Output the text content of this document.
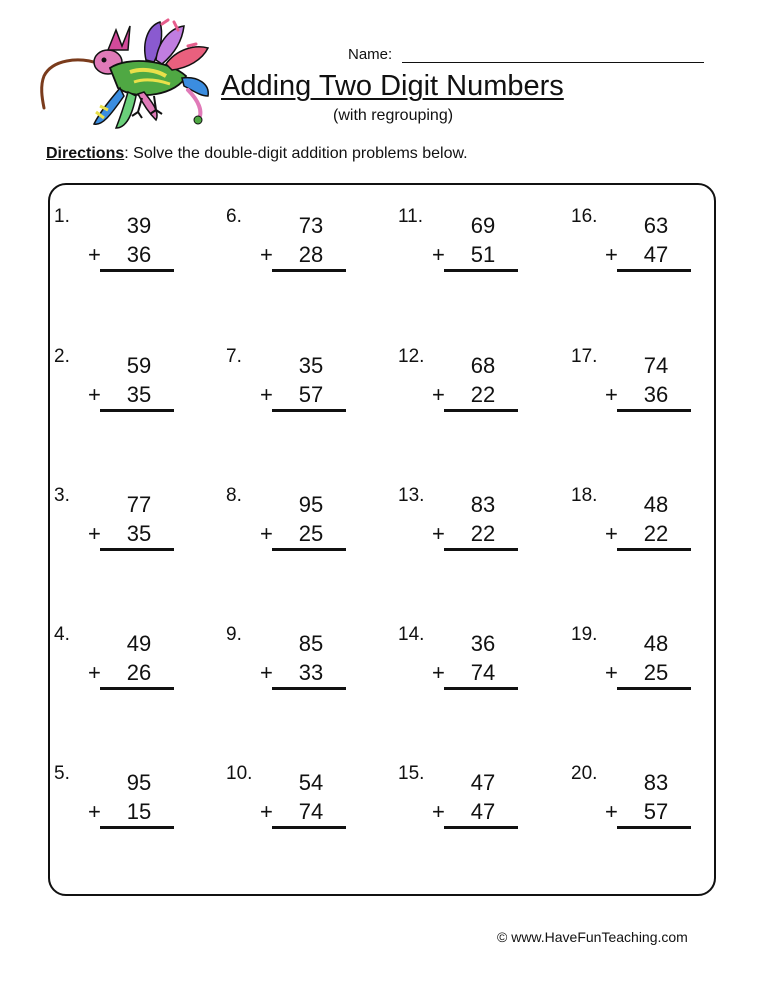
Name:
Adding Two Digit Numbers
(with regrouping)
Directions: Solve the double-digit addition problems below.
1.	39
+	36
2.	59
+	35
3.	77
+	35
4.	49
+	26
5.	95
+	15
6.	73
+	28
7.	35
+	57
8.	95
+	25
9.	85
+	33
10.	54
+	74
11.	69
+	51
12.	68
+	22
13.	83
+	22
14.	36
+	74
15.	47
+	47
16.	63
+	47
17.	74
+	36
18.	48
+	22
19.	48
+	25
20.	83
+	57
© www.HaveFunTeaching.com
